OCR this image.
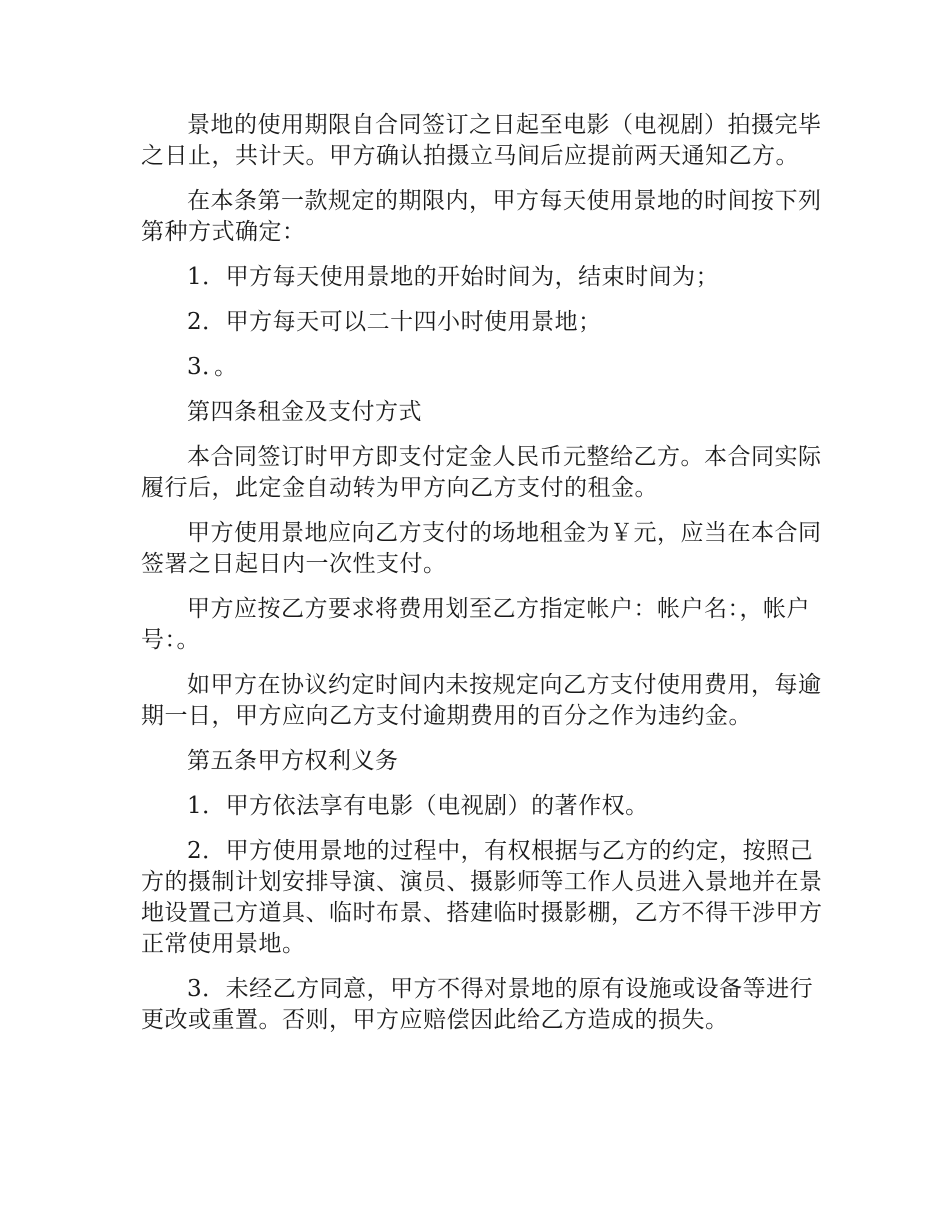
景地的使用期限自合同签订之日起至电影（电视剧）拍摄完毕之日止，共计天。甲方确认拍摄立马间后应提前两天通知乙方。

在本条第一款规定的期限内，甲方每天使用景地的时间按下列第种方式确定：

1．甲方每天使用景地的开始时间为，结束时间为；

2．甲方每天可以二十四小时使用景地；

3．。

第四条租金及支付方式

本合同签订时甲方即支付定金人民币元整给乙方。本合同实际履行后，此定金自动转为甲方向乙方支付的租金。

甲方使用景地应向乙方支付的场地租金为￥元，应当在本合同签署之日起日内一次性支付。

甲方应按乙方要求将费用划至乙方指定帐户：帐户名：，帐户号：。

如甲方在协议约定时间内未按规定向乙方支付使用费用，每逾期一日，甲方应向乙方支付逾期费用的百分之作为违约金。

第五条甲方权利义务

1．甲方依法享有电影（电视剧）的著作权。

2．甲方使用景地的过程中，有权根据与乙方的约定，按照己方的摄制计划安排导演、演员、摄影师等工作人员进入景地并在景地设置己方道具、临时布景、搭建临时摄影棚，乙方不得干涉甲方正常使用景地。

3．未经乙方同意，甲方不得对景地的原有设施或设备等进行更改或重置。否则，甲方应赔偿因此给乙方造成的损失。
